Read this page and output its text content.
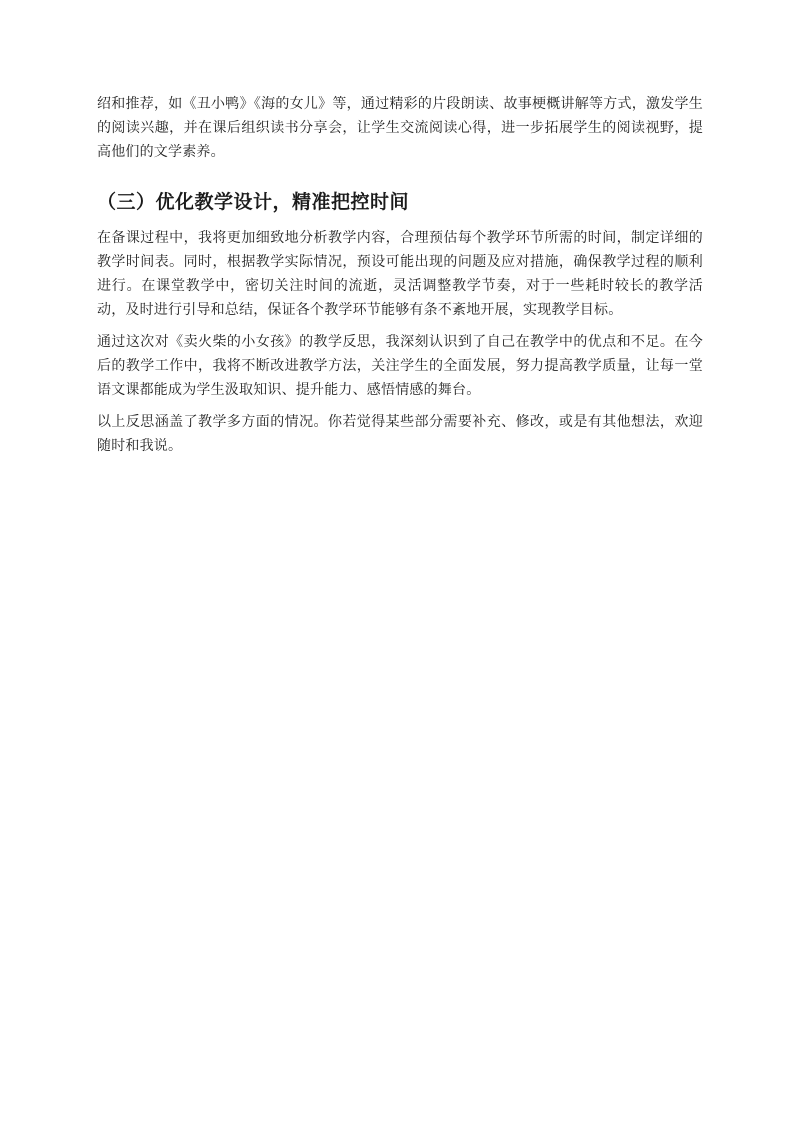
绍和推荐，如《丑小鸭》《海的女儿》等，通过精彩的片段朗读、故事梗概讲解等方式，激发学生的阅读兴趣，并在课后组织读书分享会，让学生交流阅读心得，进一步拓展学生的阅读视野，提高他们的文学素养。

（三）优化教学设计，精准把控时间

在备课过程中，我将更加细致地分析教学内容，合理预估每个教学环节所需的时间，制定详细的教学时间表。同时，根据教学实际情况，预设可能出现的问题及应对措施，确保教学过程的顺利进行。在课堂教学中，密切关注时间的流逝，灵活调整教学节奏，对于一些耗时较长的教学活动，及时进行引导和总结，保证各个教学环节能够有条不紊地开展，实现教学目标。

通过这次对《卖火柴的小女孩》的教学反思，我深刻认识到了自己在教学中的优点和不足。在今后的教学工作中，我将不断改进教学方法，关注学生的全面发展，努力提高教学质量，让每一堂语文课都能成为学生汲取知识、提升能力、感悟情感的舞台。

以上反思涵盖了教学多方面的情况。你若觉得某些部分需要补充、修改，或是有其他想法，欢迎随时和我说。
